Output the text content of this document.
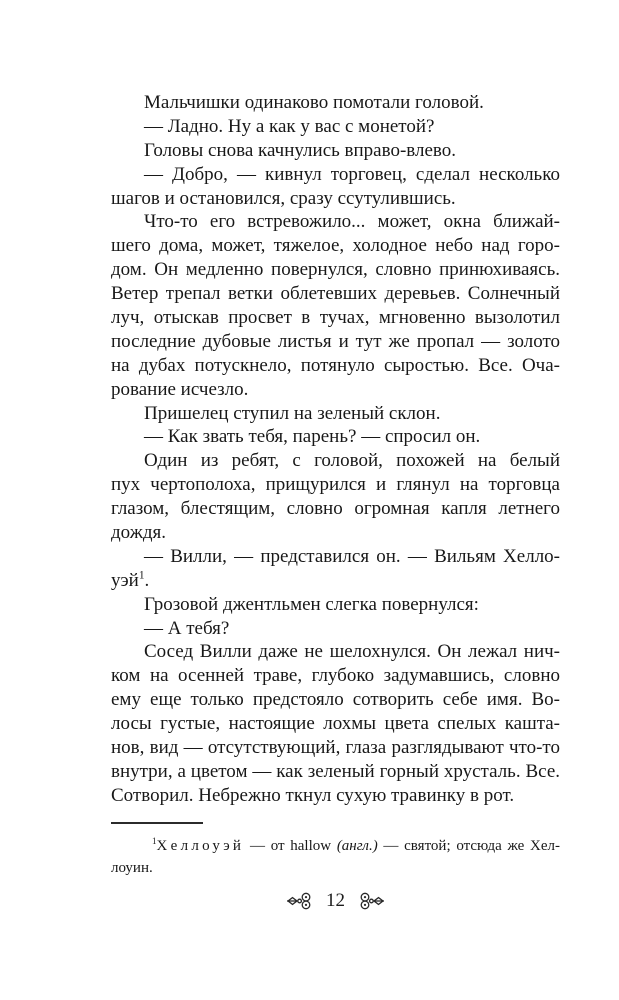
Мальчишки одинаково помотали головой.
— Ладно. Ну а как у вас с монетой?
Головы снова качнулись вправо-влево.
— Добро, — кивнул торговец, сделал несколько
шагов и остановился, сразу ссутулившись.
Что-то его встревожило... может, окна ближай-
шего дома, может, тяжелое, холодное небо над горо-
дом. Он медленно повернулся, словно принюхиваясь.
Ветер трепал ветки облетевших деревьев. Солнечный
луч, отыскав просвет в тучах, мгновенно вызолотил
последние дубовые листья и тут же пропал — золото
на дубах потускнело, потянуло сыростью. Все. Оча-
рование исчезло.
Пришелец ступил на зеленый склон.
— Как звать тебя, парень? — спросил он.
Один из ребят, с головой, похожей на белый
пух чертополоха, прищурился и глянул на торговца
глазом, блестящим, словно огромная капля летнего
дождя.
— Вилли, — представился он. — Вильям Хелло-
уэй$^1$.
Грозовой джентльмен слегка повернулся:
— А тебя?
Сосед Вилли даже не шелохнулся. Он лежал нич-
ком на осенней траве, глубоко задумавшись, словно
ему еще только предстояло сотворить себе имя. Во-
лосы густые, настоящие лохмы цвета спелых кашта-
нов, вид — отсутствующий, глаза разглядывают что-то
внутри, а цветом — как зеленый горный хрусталь. Все.
Сотворил. Небрежно ткнул сухую травинку в рот.
$^1$Хеллоуэй — от hallow (англ.) — святой; отсюда же Хел-
лоуин.
12
